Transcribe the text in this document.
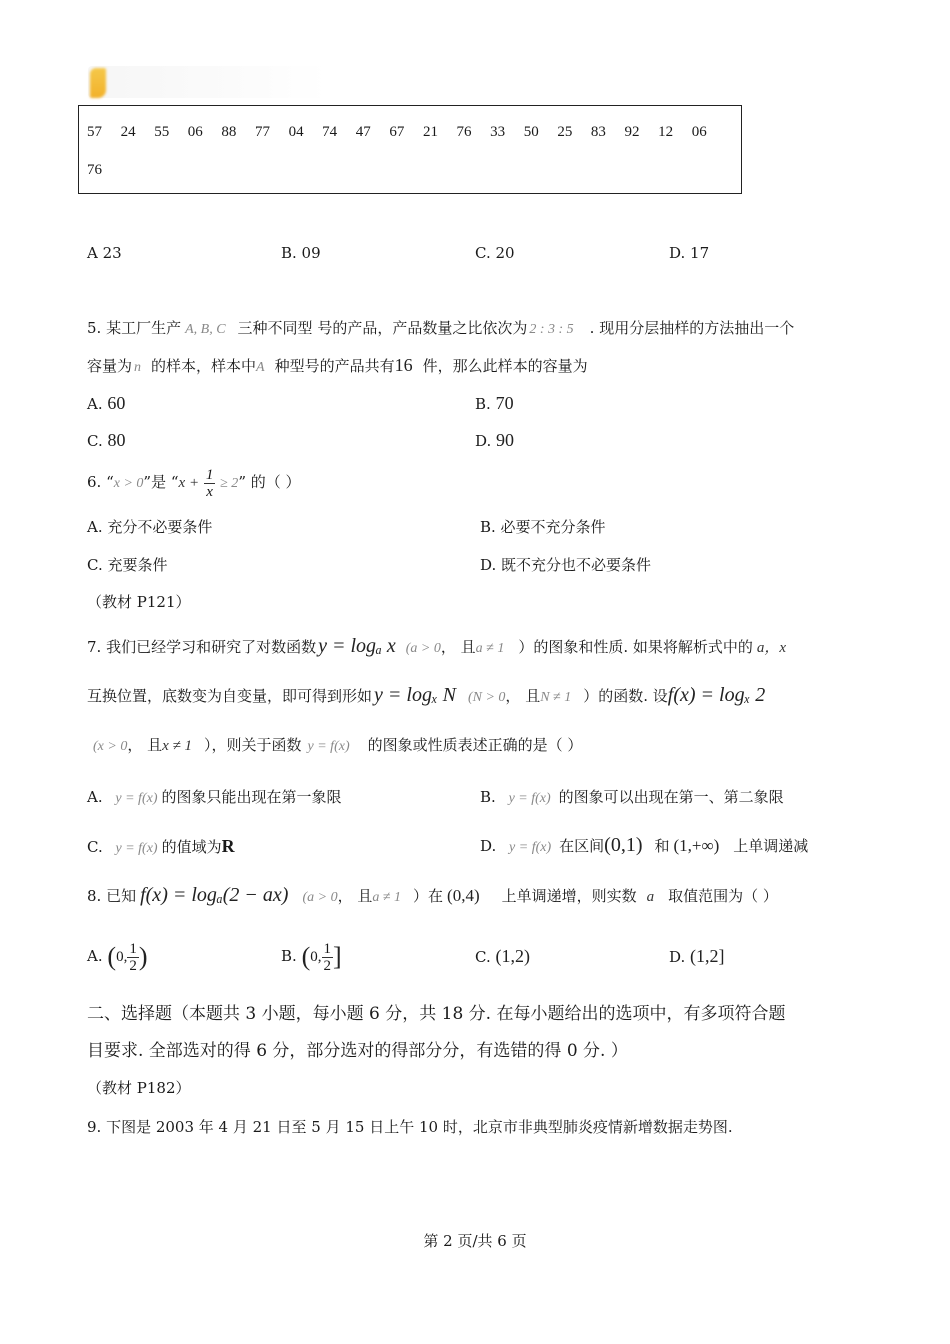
57	24	55	06	88	77	04	74	47	67	21	76	33	50	25	83	92	12	06
76
A 23	B. 09	C. 20	D. 17
5. 某工厂生产 A, B, C 三种不同型 号的产品，产品数量之比依次为 2 : 3 : 5 . 现用分层抽样的方法抽出一个
容量为 n 的样本，样本中A 种型号的产品共有16 件，那么此样本的容量为
A. 60	B. 70
C. 80	D. 90
6. “x > 0”是 “$x + \frac{1}{x} \ge 2$” 的（ ）
A. 充分不必要条件	B. 必要不充分条件
C. 充要条件	D. 既不充分也不必要条件
（教材 P121）
7. 我们已经学习和研究了对数函数 y = logₐ x (a > 0， 且a ≠ 1 ）的图象和性质. 如果将解析式中的 a，x
互换位置，底数变为自变量，即可得到形如 y = logₓ N (N > 0， 且N ≠ 1 ）的函数. 设f(x) = logₓ 2
(x > 0， 且x ≠ 1 ），则关于函数 y = f(x) 的图象或性质表述正确的是（ ）
A. y = f(x) 的图象只能出现在第一象限	B. y = f(x) 的图象可以出现在第一、第二象限
C. y = f(x) 的值域为R	D. y = f(x) 在区间(0,1) 和 (1,+∞) 上单调递减
8. 已知 f(x) = logₐ(2 − ax) (a > 0， 且a ≠ 1 ）在 (0,4) 上单调递增，则实数 a 取值范围为（ ）
A. (0, $\frac{1}{2}$ )	B. (0, $\frac{1}{2}$ ]	C. (1,2)	D. (1,2]
二、选择题（本题共 3 小题，每小题 6 分，共 18 分. 在每小题给出的选项中，有多项符合题
目要求. 全部选对的得 6 分，部分选对的得部分分，有选错的得 0 分. ）
（教材 P182）
9. 下图是 2003 年 4 月 21 日至 5 月 15 日上午 10 时，北京市非典型肺炎疫情新增数据走势图.
第 2 页/共 6 页
